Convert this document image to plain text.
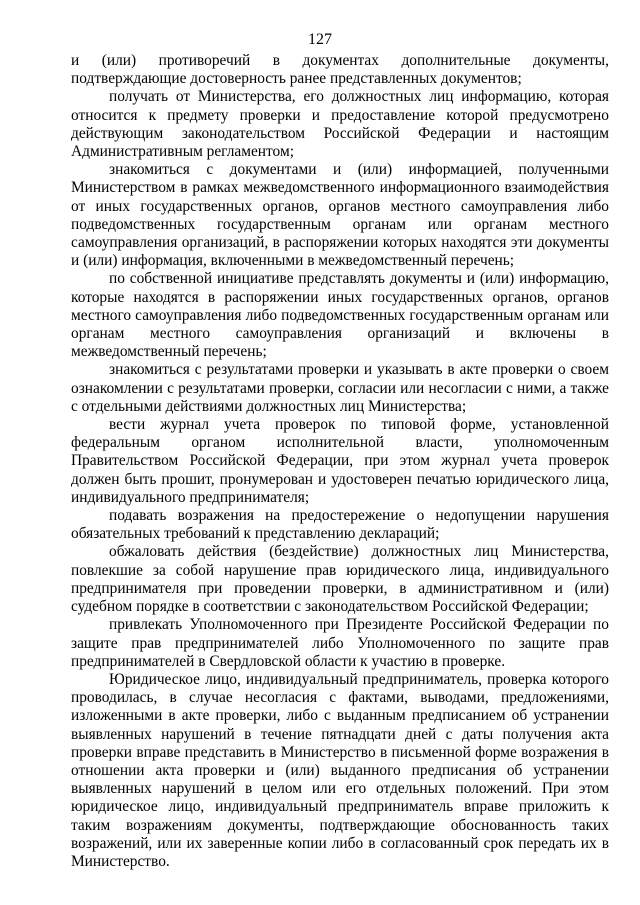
127

и (или) противоречий в документах дополнительные документы, подтверждающие достоверность ранее представленных документов;

получать от Министерства, его должностных лиц информацию, которая относится к предмету проверки и предоставление которой предусмотрено действующим законодательством Российской Федерации и настоящим Административным регламентом;

знакомиться с документами и (или) информацией, полученными Министерством в рамках межведомственного информационного взаимодействия от иных государственных органов, органов местного самоуправления либо подведомственных государственным органам или органам местного самоуправления организаций, в распоряжении которых находятся эти документы и (или) информация, включенными в межведомственный перечень;

по собственной инициативе представлять документы и (или) информацию, которые находятся в распоряжении иных государственных органов, органов местного самоуправления либо подведомственных государственным органам или органам местного самоуправления организаций и включены в межведомственный перечень;

знакомиться с результатами проверки и указывать в акте проверки о своем ознакомлении с результатами проверки, согласии или несогласии с ними, а также с отдельными действиями должностных лиц Министерства;

вести журнал учета проверок по типовой форме, установленной федеральным органом исполнительной власти, уполномоченным Правительством Российской Федерации, при этом журнал учета проверок должен быть прошит, пронумерован и удостоверен печатью юридического лица, индивидуального предпринимателя;

подавать возражения на предостережение о недопущении нарушения обязательных требований к представлению деклараций;

обжаловать действия (бездействие) должностных лиц Министерства, повлекшие за собой нарушение прав юридического лица, индивидуального предпринимателя при проведении проверки, в административном и (или) судебном порядке в соответствии с законодательством Российской Федерации;

привлекать Уполномоченного при Президенте Российской Федерации по защите прав предпринимателей либо Уполномоченного по защите прав предпринимателей в Свердловской области к участию в проверке.

Юридическое лицо, индивидуальный предприниматель, проверка которого проводилась, в случае несогласия с фактами, выводами, предложениями, изложенными в акте проверки, либо с выданным предписанием об устранении выявленных нарушений в течение пятнадцати дней с даты получения акта проверки вправе представить в Министерство в письменной форме возражения в отношении акта проверки и (или) выданного предписания об устранении выявленных нарушений в целом или его отдельных положений. При этом юридическое лицо, индивидуальный предприниматель вправе приложить к таким возражениям документы, подтверждающие обоснованность таких возражений, или их заверенные копии либо в согласованный срок передать их в Министерство.
